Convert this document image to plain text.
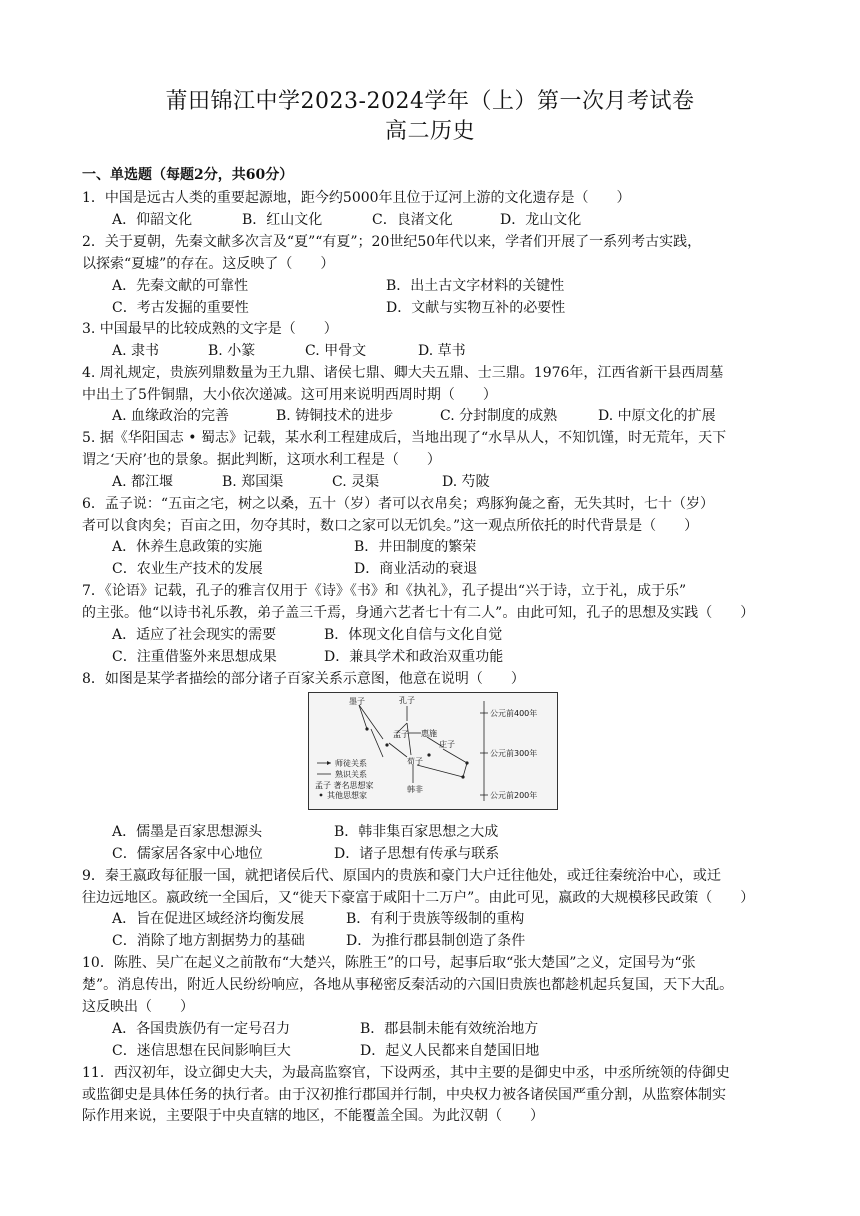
莆田锦江中学2023-2024学年（上）第一次月考试卷
高二历史
一、单选题（每题2分，共60分）
1．中国是远古人类的重要起源地，距今约5000年且位于辽河上游的文化遗存是（　　）
A．仰韶文化	B．红山文化	C．良渚文化	D．龙山文化
2．关于夏朝，先秦文献多次言及“夏”“有夏”；20世纪50年代以来，学者们开展了一系列考古实践，
以探索“夏墟”的存在。这反映了（　　）
A．先秦文献的可靠性	B．出土古文字材料的关键性
C．考古发掘的重要性	D．文献与实物互补的必要性
3. 中国最早的比较成熟的文字是（　　）
A. 隶书	B. 小篆	C. 甲骨文	D. 草书
4. 周礼规定，贵族列鼎数量为王九鼎、诸侯七鼎、卿大夫五鼎、士三鼎。1976年，江西省新干县西周墓
中出土了5件铜鼎，大小依次递减。这可用来说明西周时期（　　）
A. 血缘政治的完善	B. 铸铜技术的进步	C. 分封制度的成熟	D. 中原文化的扩展
5. 据《华阳国志 • 蜀志》记载，某水利工程建成后，当地出现了“水旱从人，不知饥馑，时无荒年，天下
谓之‘天府’也的景象。据此判断，这项水利工程是（　　）
A. 都江堰	B. 郑国渠	C. 灵渠	D. 芍陂
6．孟子说：“五亩之宅，树之以桑，五十（岁）者可以衣帛矣；鸡豚狗彘之畜，无失其时，七十（岁）
者可以食肉矣；百亩之田，勿夺其时，数口之家可以无饥矣。”这一观点所依托的时代背景是（　　）
A．休养生息政策的实施	B．井田制度的繁荣
C．农业生产技术的发展	D．商业活动的衰退
7．《论语》记载，孔子的雅言仅用于《诗》《书》和《执礼》，孔子提出“兴于诗，立于礼，成于乐”
的主张。他“以诗书礼乐教，弟子盖三千焉，身通六艺者七十有二人”。由此可知，孔子的思想及实践（　　）
A．适应了社会现实的需要	B．体现文化自信与文化自觉
C．注重借鉴外来思想成果	D．兼具学术和政治双重功能
8．如图是某学者描绘的部分诸子百家关系示意图，他意在说明（　　）
墨子	孔子
孟子 惠施
庄子
荀子
韩非
公元前400年
公元前300年
公元前200年
师徒关系
熟识关系
孟子 著名思想家
其他思想家
A．儒墨是百家思想源头	B．韩非集百家思想之大成
C．儒家居各家中心地位	D．诸子思想有传承与联系
9．秦王嬴政每征服一国，就把诸侯后代、原国内的贵族和豪门大户迁往他处，或迁往秦统治中心，或迁
往边远地区。嬴政统一全国后，又“徙天下豪富于咸阳十二万户”。由此可见，嬴政的大规模移民政策（　　）
A．旨在促进区域经济均衡发展	B．有利于贵族等级制的重构
C．消除了地方割据势力的基础	D．为推行郡县制创造了条件
10．陈胜、吴广在起义之前散布“大楚兴，陈胜王”的口号，起事后取“张大楚国”之义，定国号为“张
楚”。消息传出，附近人民纷纷响应，各地从事秘密反秦活动的六国旧贵族也都趁机起兵复国，天下大乱。
这反映出（　　）
A．各国贵族仍有一定号召力	B．郡县制未能有效统治地方
C．迷信思想在民间影响巨大	D．起义人民都来自楚国旧地
11．西汉初年，设立御史大夫，为最高监察官，下设两丞，其中主要的是御史中丞，中丞所统领的侍御史
或监御史是具体任务的执行者。由于汉初推行郡国并行制，中央权力被各诸侯国严重分割，从监察体制实
际作用来说，主要限于中央直辖的地区，不能覆盖全国。为此汉朝（　　）
